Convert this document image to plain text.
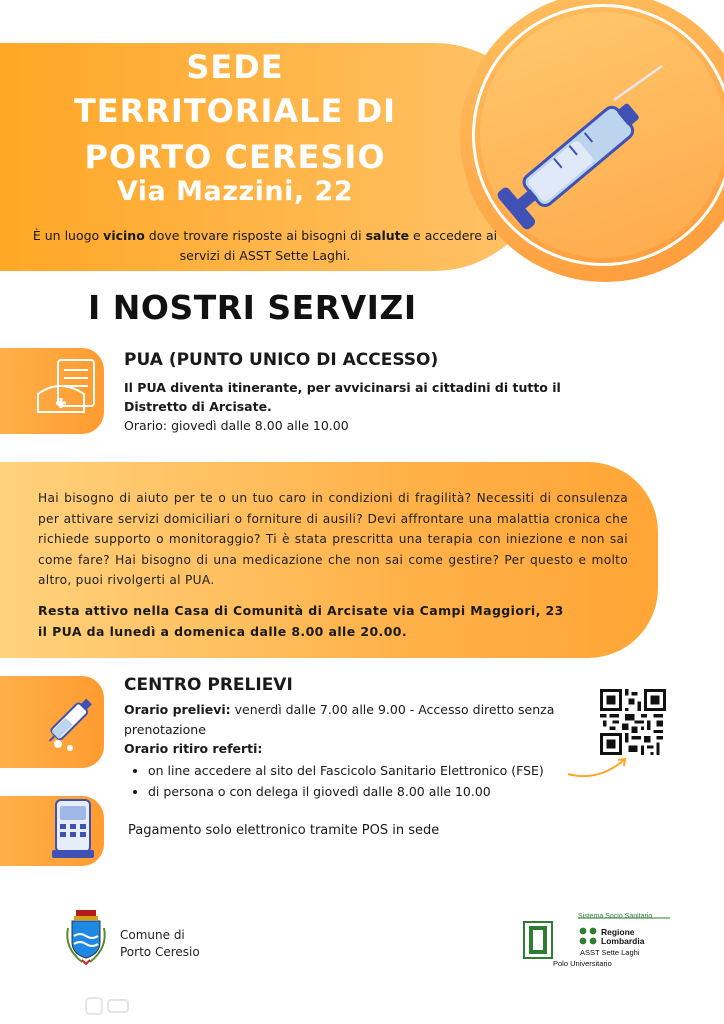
SEDE
TERRITORIALE DI
PORTO CERESIO
Via Mazzini, 22
È un luogo vicino dove trovare risposte ai bisogni di salute e accedere ai servizi di ASST Sette Laghi.
I NOSTRI SERVIZI
PUA (PUNTO UNICO DI ACCESSO)
Il PUA diventa itinerante, per avvicinarsi ai cittadini di tutto il Distretto di Arcisate.
Orario: giovedì dalle 8.00 alle 10.00
Hai bisogno di aiuto per te o un tuo caro in condizioni di fragilità? Necessiti di consulenza per attivare servizi domiciliari o forniture di ausili? Devi affrontare una malattia cronica che richiede supporto o monitoraggio? Ti è stata prescritta una terapia con iniezione e non sai come fare? Hai bisogno di una medicazione che non sai come gestire? Per questo e molto altro, puoi rivolgerti al PUA.
Resta attivo nella Casa di Comunità di Arcisate via Campi Maggiori, 23
il PUA da lunedì a domenica dalle 8.00 alle 20.00.
CENTRO PRELIEVI
Orario prelievi: venerdì dalle 7.00 alle 9.00 - Accesso diretto senza prenotazione
Orario ritiro referti:
• on line accedere al sito del Fascicolo Sanitario Elettronico (FSE)
• di persona o con delega il giovedì dalle 8.00 alle 10.00
Pagamento solo elettronico tramite POS in sede
Comune di
Porto Ceresio
Sistema Socio Sanitario
Regione
Lombardia
ASST Sette Laghi
Polo Universitario
